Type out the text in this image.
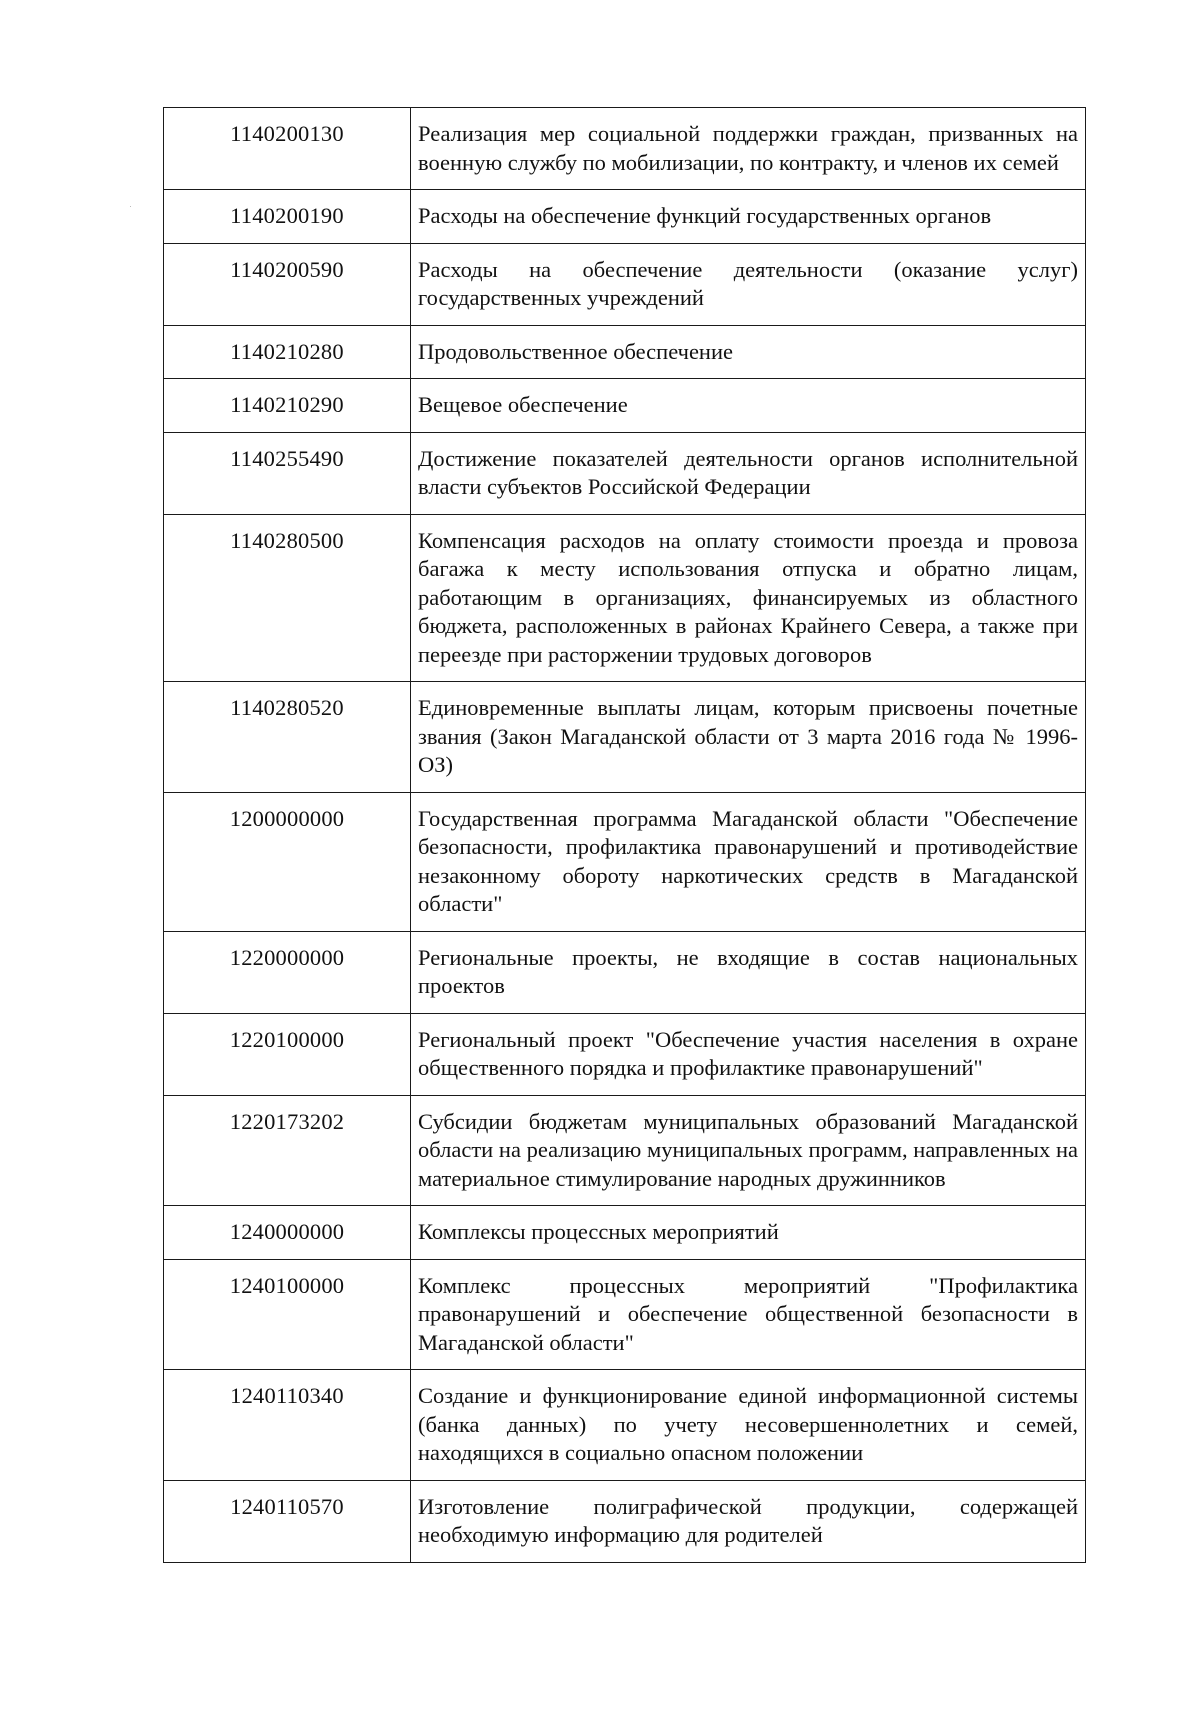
1140200130	Реализация мер социальной поддержки граждан, призванных на военную службу по мобилизации, по контракту, и членов их семей
1140200190	Расходы на обеспечение функций государственных органов
1140200590	Расходы на обеспечение деятельности (оказание услуг) государственных учреждений
1140210280	Продовольственное обеспечение
1140210290	Вещевое обеспечение
1140255490	Достижение показателей деятельности органов исполнительной власти субъектов Российской Федерации
1140280500	Компенсация расходов на оплату стоимости проезда и провоза багажа к месту использования отпуска и обратно лицам, работающим в организациях, финансируемых из областного бюджета, расположенных в районах Крайнего Севера, а также при переезде при расторжении трудовых договоров
1140280520	Единовременные выплаты лицам, которым присвоены почетные звания (Закон Магаданской области от 3 марта 2016 года № 1996-ОЗ)
1200000000	Государственная программа Магаданской области "Обеспечение безопасности, профилактика правонарушений и противодействие незаконному обороту наркотических средств в Магаданской области"
1220000000	Региональные проекты, не входящие в состав национальных проектов
1220100000	Региональный проект "Обеспечение участия населения в охране общественного порядка и профилактике правонарушений"
1220173202	Субсидии бюджетам муниципальных образований Магаданской области на реализацию муниципальных программ, направленных на материальное стимулирование народных дружинников
1240000000	Комплексы процессных мероприятий
1240100000	Комплекс процессных мероприятий "Профилактика правонарушений и обеспечение общественной безопасности в Магаданской области"
1240110340	Создание и функционирование единой информационной системы (банка данных) по учету несовершеннолетних и семей, находящихся в социально опасном положении
1240110570	Изготовление полиграфической продукции, содержащей необходимую информацию для родителей
